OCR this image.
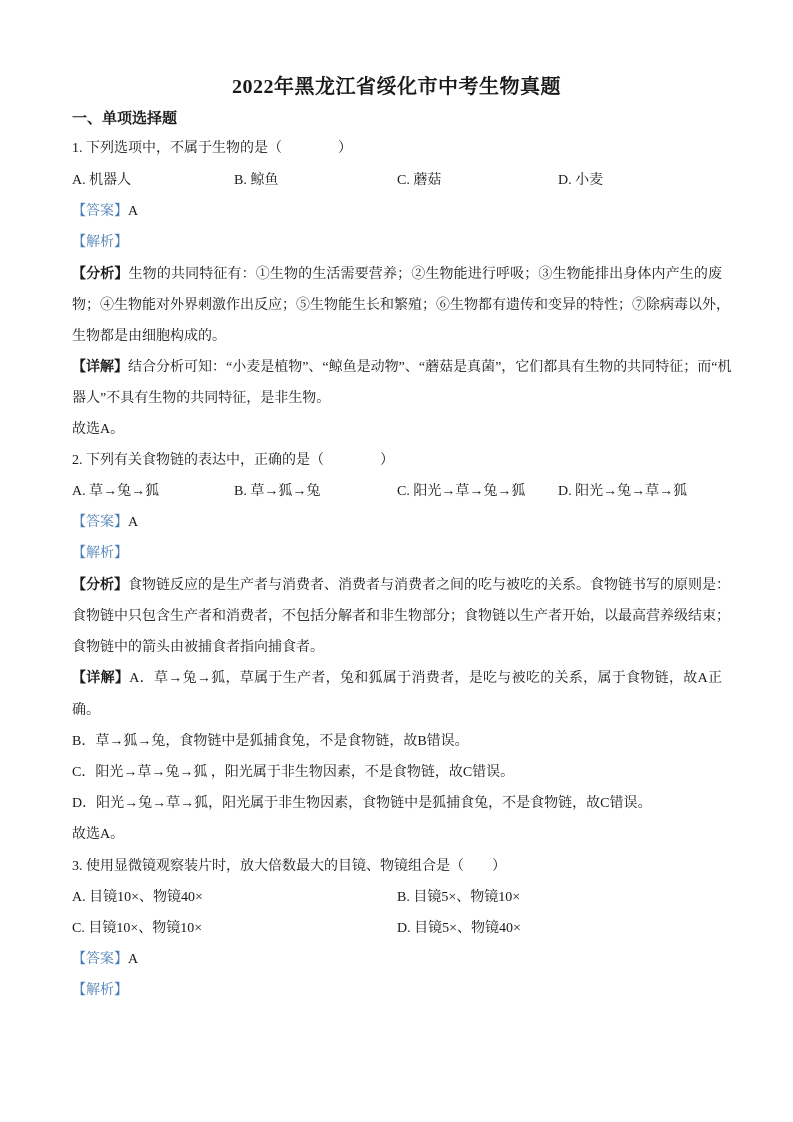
2022年黑龙江省绥化市中考生物真题
一、单项选择题
1. 下列选项中，不属于生物的是（　　　　）
A. 机器人	B. 鲸鱼	C. 蘑菇	D. 小麦
【答案】A
【解析】
【分析】生物的共同特征有：①生物的生活需要营养；②生物能进行呼吸；③生物能排出身体内产生的废
物；④生物能对外界刺激作出反应；⑤生物能生长和繁殖；⑥生物都有遗传和变异的特性；⑦除病毒以外，
生物都是由细胞构成的。
【详解】结合分析可知：“小麦是植物”、“鲸鱼是动物”、“蘑菇是真菌”，它们都具有生物的共同特征；而“机
器人”不具有生物的共同特征，是非生物。
故选A。
2. 下列有关食物链的表达中，正确的是（　　　　）
A. 草→兔→狐	B. 草→狐→兔	C. 阳光→草→兔→狐 D. 阳光→兔→草→狐
【答案】A
【解析】
【分析】食物链反应的是生产者与消费者、消费者与消费者之间的吃与被吃的关系。食物链书写的原则是：
食物链中只包含生产者和消费者，不包括分解者和非生物部分；食物链以生产者开始，以最高营养级结束；
食物链中的箭头由被捕食者指向捕食者。
【详解】A．草→兔→狐，草属于生产者，兔和狐属于消费者，是吃与被吃的关系，属于食物链，故A正
确。
B．草→狐→兔，食物链中是狐捕食兔，不是食物链，故B错误。
C．阳光→草→兔→狐 ，阳光属于非生物因素，不是食物链，故C错误。
D．阳光→兔→草→狐，阳光属于非生物因素，食物链中是狐捕食兔，不是食物链，故C错误。
故选A。
3. 使用显微镜观察装片时，放大倍数最大的目镜、物镜组合是（　　）
A. 目镜10×、物镜40×	B. 目镜5×、物镜10×
C. 目镜10×、物镜10×	D. 目镜5×、物镜40×
【答案】A
【解析】
